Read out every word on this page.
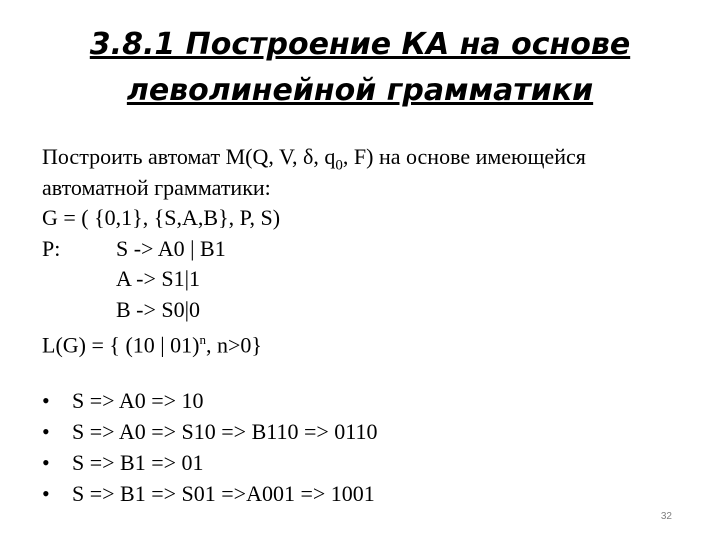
3.8.1 Построение КА на основе
леволинейной грамматики
Построить автомат M(Q, V, δ, $q_0$, F) на основе имеющейся
автоматной грамматики:
G = ( {0,1}, {S,A,B}, P, S)
P:	S -> A0 | B1
A -> S1|1
B -> S0|0
L(G) = { (10 | 01)$^n$, n>0}
• S => A0 => 10
• S => A0 => S10 => B110 => 0110
• S => B1 => 01
• S => B1 => S01 =>A001 => 1001
32
